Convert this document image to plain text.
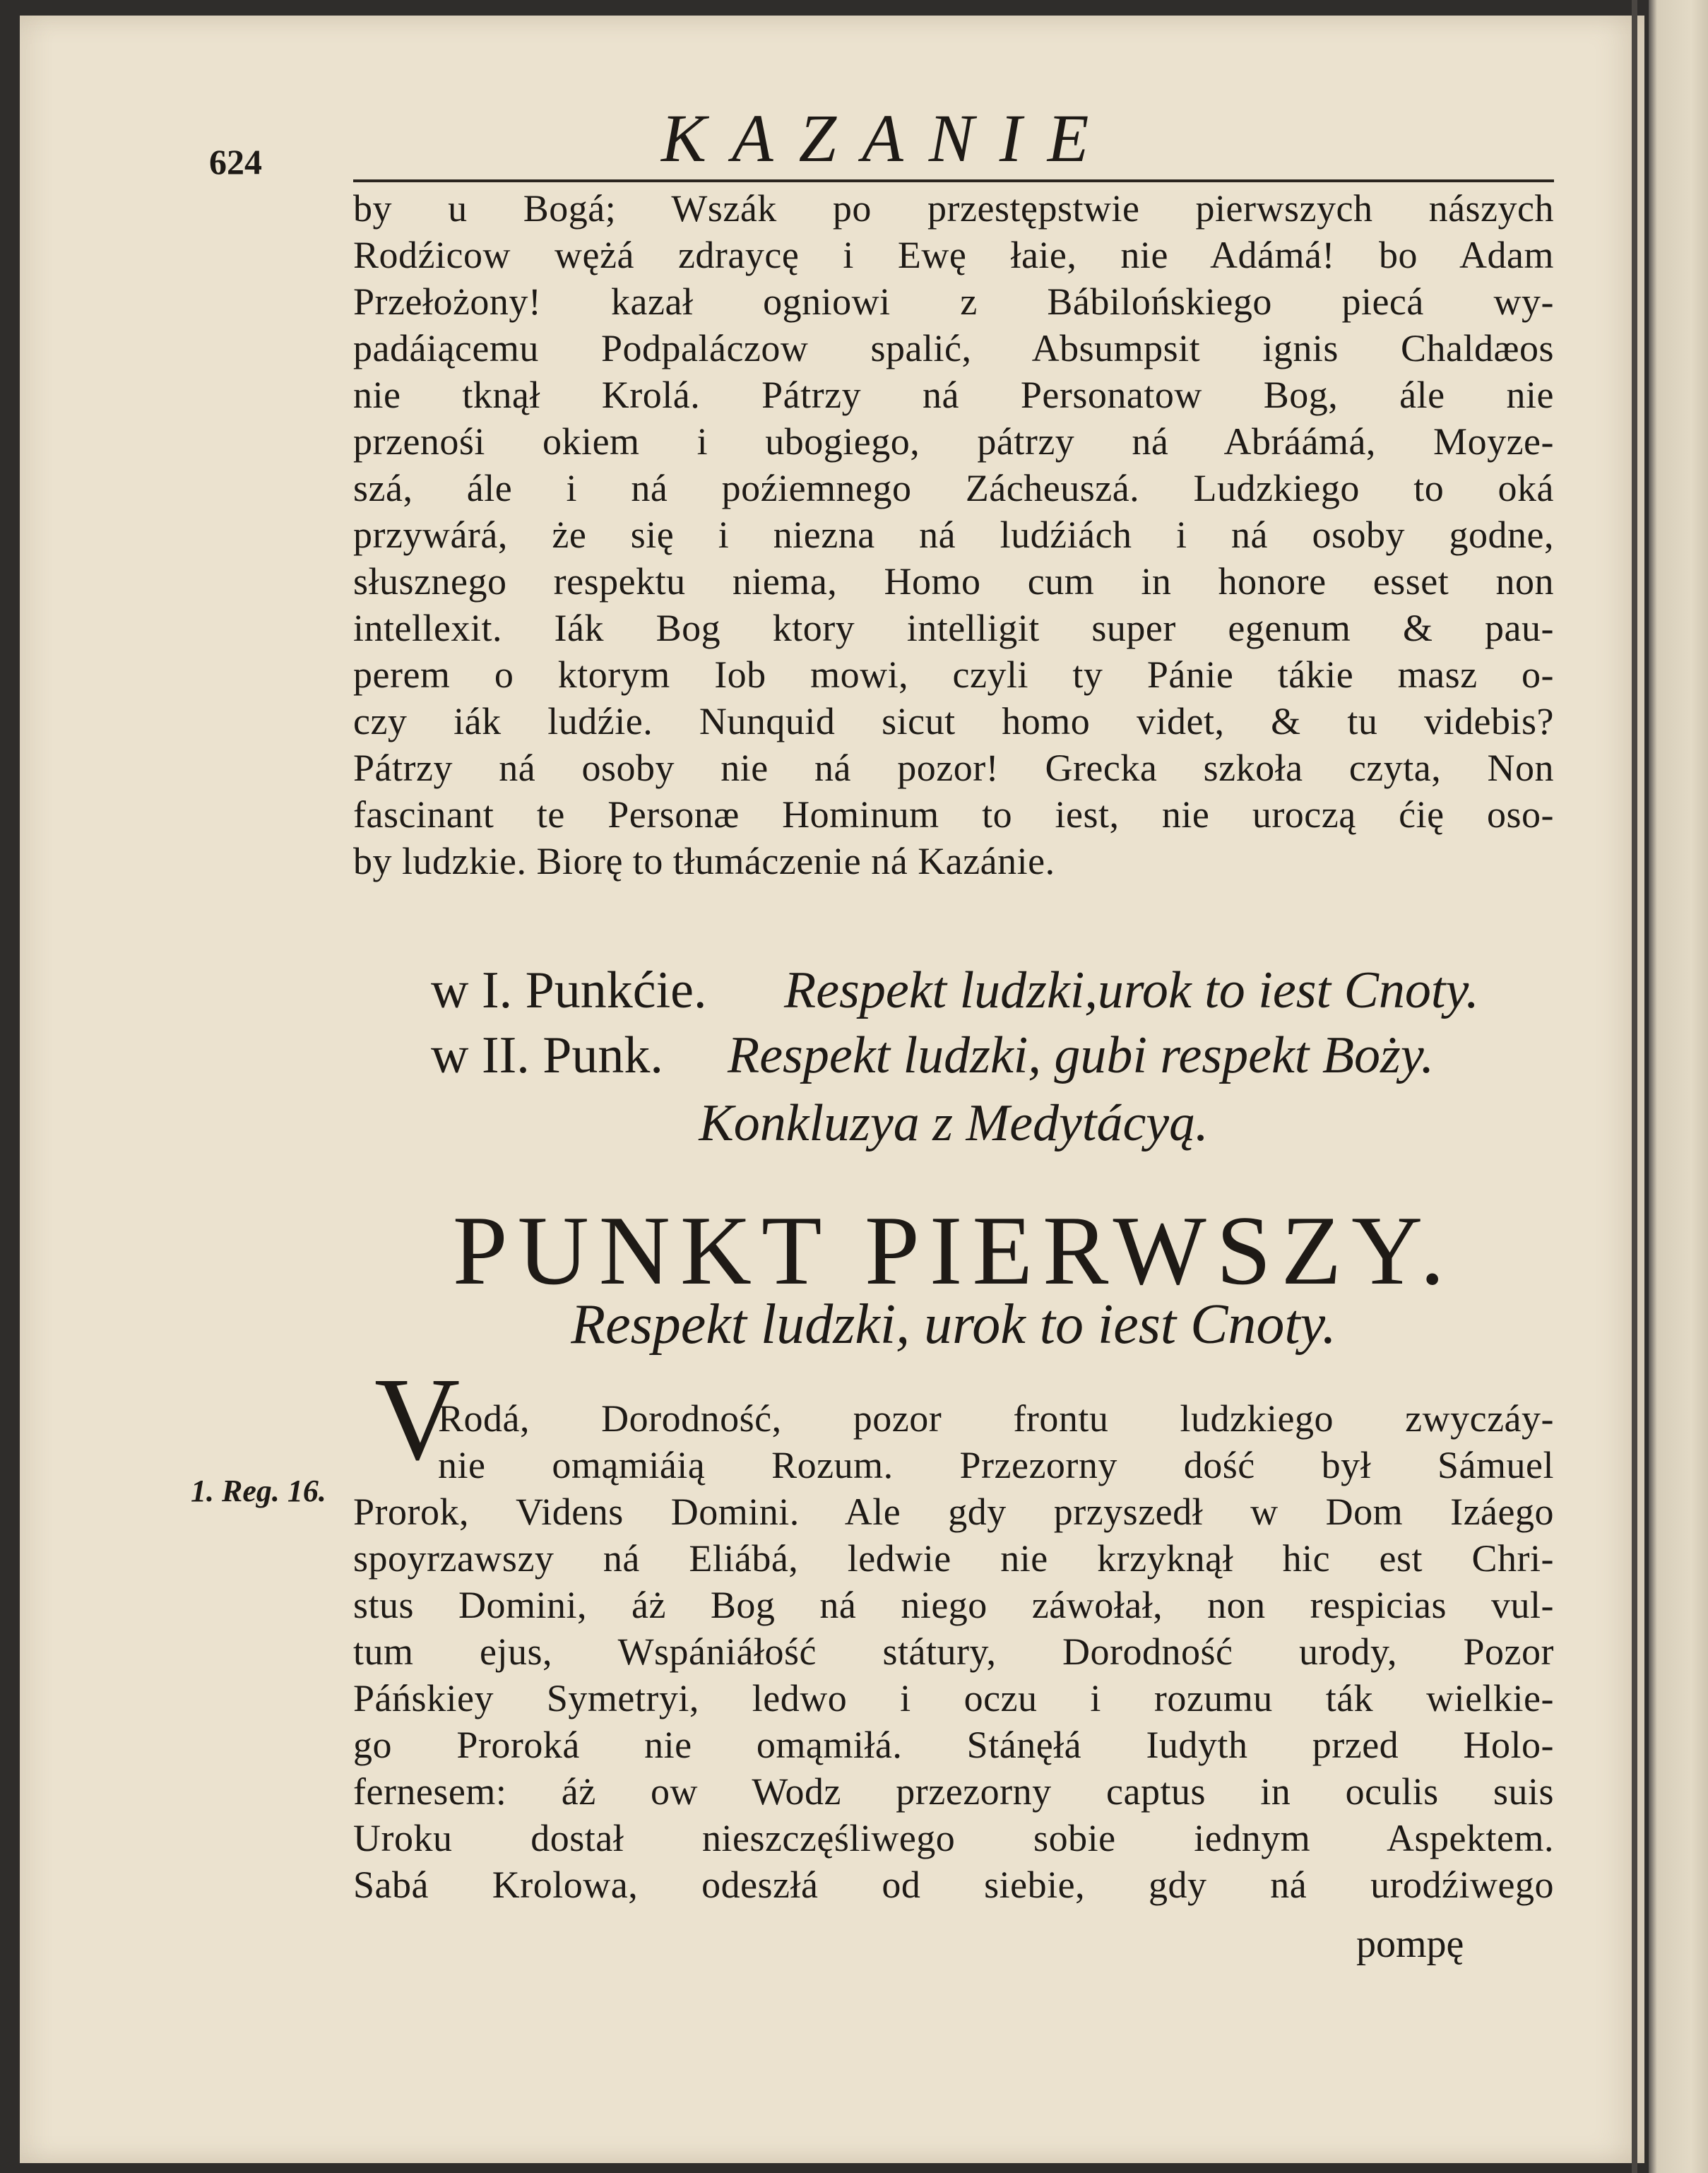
624	KAZANIE
by u Bogá; Wszák po przestępstwie pierwszych nászych
Rodźicow wężá zdraycę i Ewę łaie, nie Adámá! bo Adam
Przełożony! kazał ogniowi z Bábilońskiego piecá wy-
padáiącemu Podpaláczow spalić, Absumpsit ignis Chaldæos
nie tknął Krolá. Pátrzy ná Personatow Bog, ále nie
przenośi okiem i ubogiego, pátrzy ná Abráámá, Moyze-
szá, ále i ná poźiemnego Zácheuszá. Ludzkiego to oká
przywárá, że się i niezna ná ludźiách i ná osoby godne,
słusznego respektu niema, Homo cum in honore esset non
intellexit. Iák Bog ktory intelligit super egenum & pau-
perem o ktorym Iob mowi, czyli ty Pánie tákie masz o-
czy iák ludźie. Nunquid sicut homo videt, & tu videbis?
Pátrzy ná osoby nie ná pozor! Grecka szkoła czyta, Non
fascinant te Personæ Hominum to iest, nie uroczą ćię oso-
by ludzkie. Biorę to tłumáczenie ná Kazánie.
w I. Punkćie. Respekt ludzki,urok to iest Cnoty.
w II. Punk. Respekt ludzki, gubi respekt Boży.
Konkluzya z Medytácyą.
PUNKT PIERWSZY.
Respekt ludzki, urok to iest Cnoty.
V
1. Reg. 16.
Rodá, Dorodność, pozor frontu ludzkiego zwyczáy-
nie omąmiáią Rozum. Przezorny dość był Sámuel
Prorok, Videns Domini. Ale gdy przyszedł w Dom Izáego
spoyrzawszy ná Eliábá, ledwie nie krzyknął hic est Chri-
stus Domini, áż Bog ná niego záwołał, non respicias vul-
tum ejus, Wspániáłość státury, Dorodność urody, Pozor
Páńskiey Symetryi, ledwo i oczu i rozumu ták wielkie-
go Proroká nie omąmiłá. Stánęłá Iudyth przed Holo-
fernesem: áż ow Wodz przezorny captus in oculis suis
Uroku dostał nieszczęśliwego sobie iednym Aspektem.
Sabá Krolowa, odeszłá od siebie, gdy ná urodźiwego
pompę
